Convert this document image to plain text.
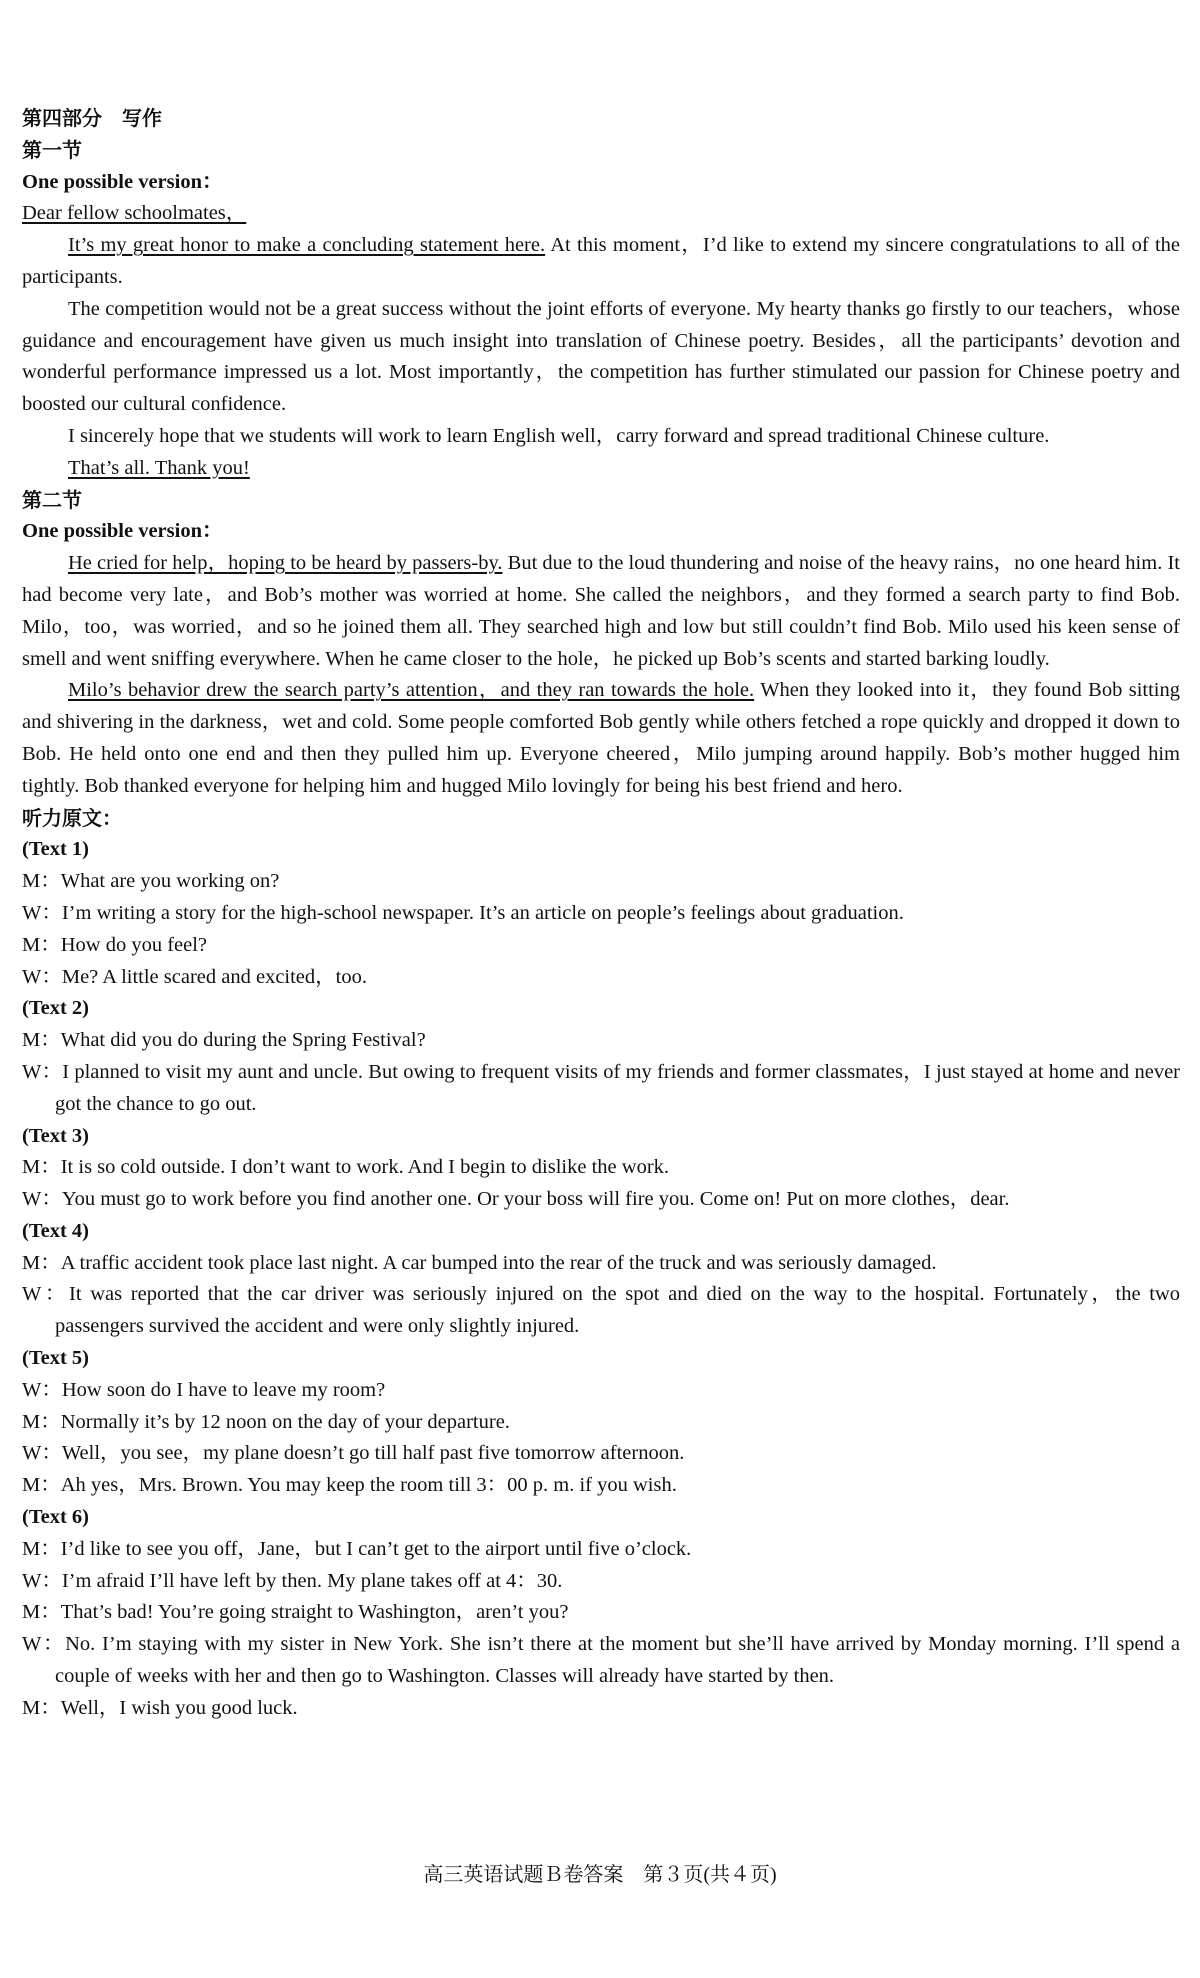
第四部分　写作
第一节
One possible version：
Dear fellow schoolmates，
It’s my great honor to make a concluding statement here. At this moment，I’d like to extend my sincere congratulations to all of the participants.
The competition would not be a great success without the joint efforts of everyone. My hearty thanks go firstly to our teachers，whose guidance and encouragement have given us much insight into translation of Chinese poetry. Besides，all the participants’ devotion and wonderful performance impressed us a lot. Most importantly，the competition has further stimulated our passion for Chinese poetry and boosted our cultural confidence.
I sincerely hope that we students will work to learn English well，carry forward and spread traditional Chinese culture.
That’s all. Thank you!
第二节
One possible version：
He cried for help，hoping to be heard by passers-by. But due to the loud thundering and noise of the heavy rains，no one heard him. It had become very late，and Bob’s mother was worried at home. She called the neighbors，and they formed a search party to find Bob. Milo，too，was worried，and so he joined them all. They searched high and low but still couldn’t find Bob. Milo used his keen sense of smell and went sniffing everywhere. When he came closer to the hole，he picked up Bob’s scents and started barking loudly.
Milo’s behavior drew the search party’s attention，and they ran towards the hole. When they looked into it，they found Bob sitting and shivering in the darkness，wet and cold. Some people comforted Bob gently while others fetched a rope quickly and dropped it down to Bob. He held onto one end and then they pulled him up. Everyone cheered，Milo jumping around happily. Bob’s mother hugged him tightly. Bob thanked everyone for helping him and hugged Milo lovingly for being his best friend and hero.
听力原文：
(Text 1)
M：What are you working on?
W：I’m writing a story for the high-school newspaper. It’s an article on people’s feelings about graduation.
M：How do you feel?
W：Me? A little scared and excited，too.
(Text 2)
M：What did you do during the Spring Festival?
W：I planned to visit my aunt and uncle. But owing to frequent visits of my friends and former classmates，I just stayed at home and never got the chance to go out.
(Text 3)
M：It is so cold outside. I don’t want to work. And I begin to dislike the work.
W：You must go to work before you find another one. Or your boss will fire you. Come on! Put on more clothes，dear.
(Text 4)
M：A traffic accident took place last night. A car bumped into the rear of the truck and was seriously damaged.
W：It was reported that the car driver was seriously injured on the spot and died on the way to the hospital. Fortunately，the two passengers survived the accident and were only slightly injured.
(Text 5)
W：How soon do I have to leave my room?
M：Normally it’s by 12 noon on the day of your departure.
W：Well，you see，my plane doesn’t go till half past five tomorrow afternoon.
M：Ah yes，Mrs. Brown. You may keep the room till 3：00 p. m. if you wish.
(Text 6)
M：I’d like to see you off，Jane，but I can’t get to the airport until five o’clock.
W：I’m afraid I’ll have left by then. My plane takes off at 4：30.
M：That’s bad! You’re going straight to Washington，aren’t you?
W：No. I’m staying with my sister in New York. She isn’t there at the moment but she’ll have arrived by Monday morning. I’ll spend a couple of weeks with her and then go to Washington. Classes will already have started by then.
M：Well，I wish you good luck.
高三英语试题Ｂ卷答案　第３页(共４页)
